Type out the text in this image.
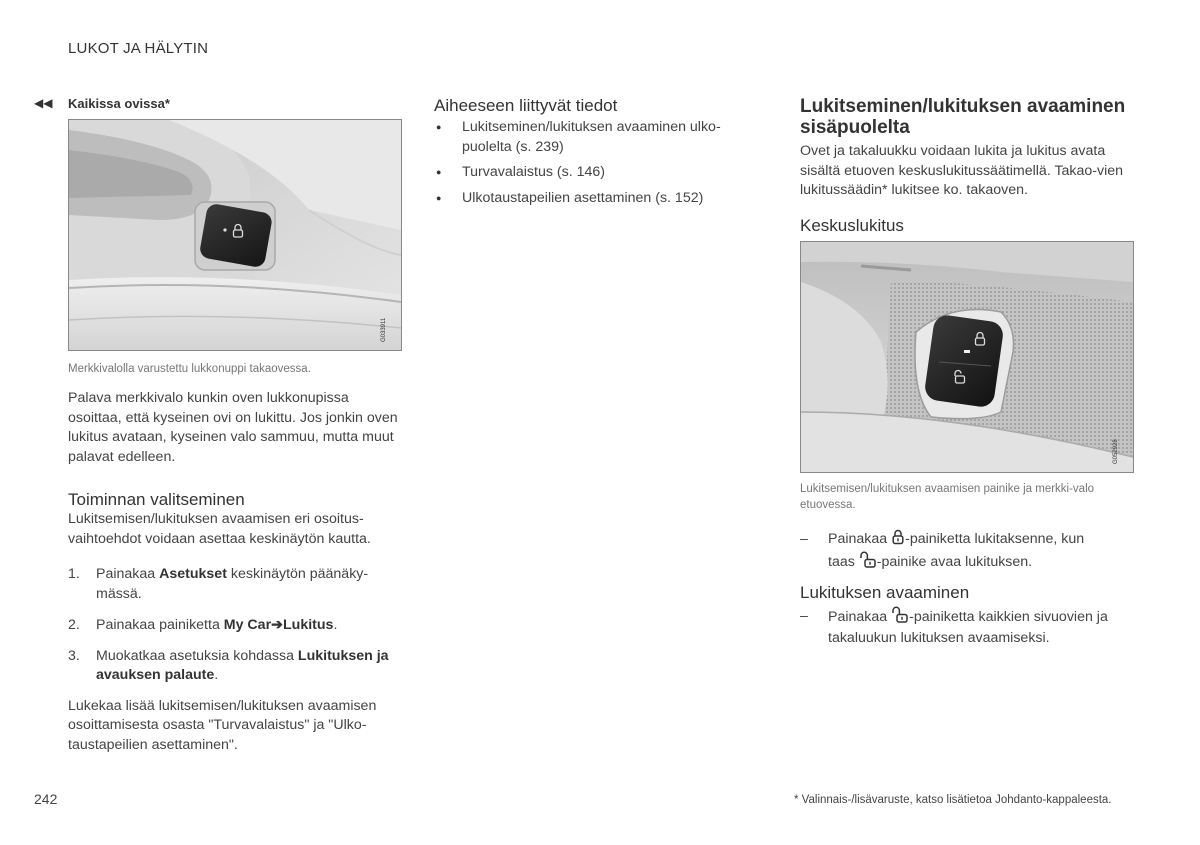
LUKOT JA HÄLYTIN
◀◀ Kaikissa ovissa*
G033911
Merkkivalolla varustettu lukkonuppi takaovessa.

Palava merkkivalo kunkin oven lukkonupissa osoittaa, että kyseinen ovi on lukittu. Jos jonkin oven lukitus avataan, kyseinen valo sammuu, mutta muut palavat edelleen.

Toiminnan valitseminen

Lukitsemisen/lukituksen avaamisen eri osoitus-vaihtoehdot voidaan asettaa keskinäytön kautta.

1. Painakaa Asetukset keskinäytön päänäky-mässä.
2. Painakaa painiketta My Car➔Lukitus.
3. Muokatkaa asetuksia kohdassa Lukituksen ja avauksen palaute.

Lukekaa lisää lukitsemisen/lukituksen avaamisen osoittamisesta osasta "Turvavalaistus" ja "Ulko-taustapeilien asettaminen".

Aiheeseen liittyvät tiedot
● Lukitseminen/lukituksen avaaminen ulko-puolelta (s. 239)
● Turvavalaistus (s. 146)
● Ulkotaustapeilien asettaminen (s. 152)
Lukitseminen/lukituksen avaaminen sisäpuolelta

Ovet ja takaluukku voidaan lukita ja lukitus avata sisältä etuoven keskuslukitussäätimellä. Takao-vien lukitussäädin* lukitsee ko. takaoven.

Keskuslukitus
G052928
Lukitsemisen/lukituksen avaamisen painike ja merkki-valo etuovessa.
– Painakaa -painiketta lukitaksenne, kun
taas -painike avaa lukituksen.
Lukituksen avaaminen
– Painakaa -painiketta kaikkien sivuovien ja takaluukun lukituksen avaamiseksi.
242	* Valinnais-/lisävaruste, katso lisätietoa Johdanto-kappaleesta.
